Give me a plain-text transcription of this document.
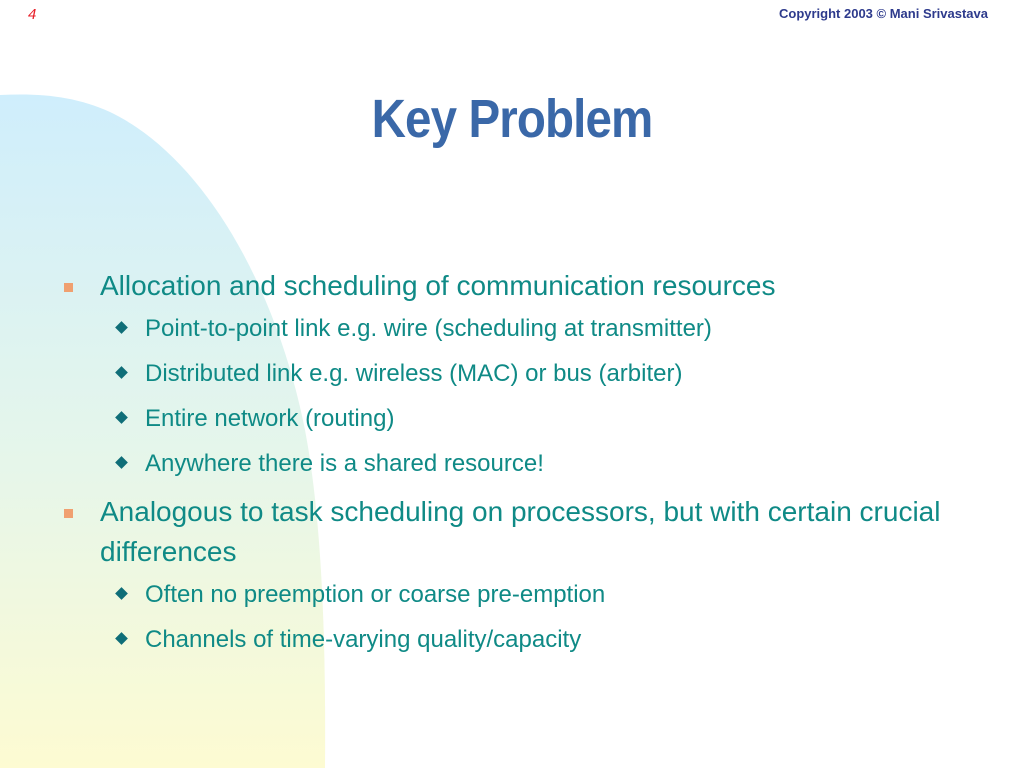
4	Copyright 2003 © Mani Srivastava
Key Problem
Allocation and scheduling of communication resources
Point-to-point link e.g. wire (scheduling at transmitter)
Distributed link e.g. wireless (MAC) or bus (arbiter)
Entire network (routing)
Anywhere there is a shared resource!
Analogous to task scheduling on processors, but with certain crucial differences
Often no preemption or coarse pre-emption
Channels of time-varying quality/capacity
